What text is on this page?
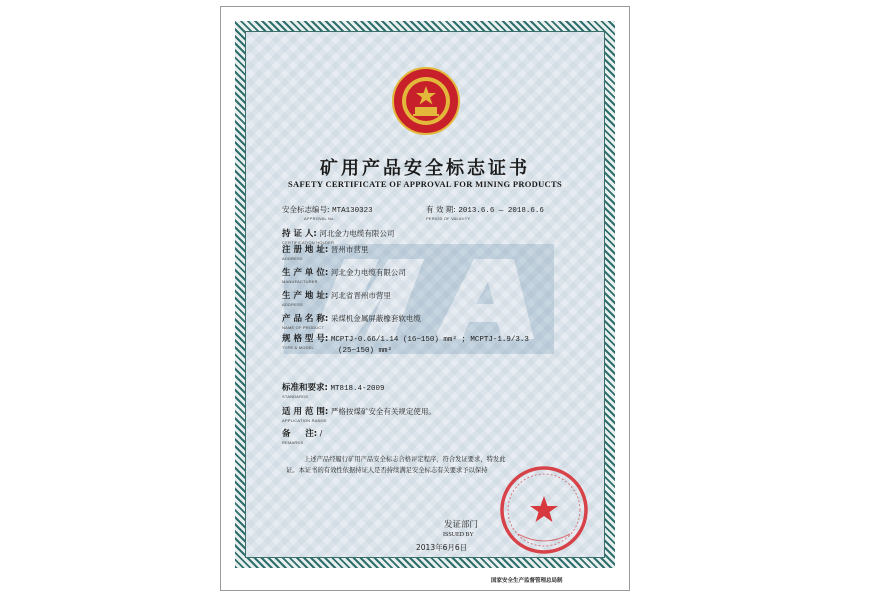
矿用产品安全标志证书
SAFETY CERTIFICATE OF APPROVAL FOR MINING PRODUCTS
安全标志编号: MTA130323
APPROVAL No.
有 效 期: 2013.6.6 — 2018.6.6
PERIOD OF VALIDITY
持 证 人: 河北金力电缆有限公司
CERTIFICATION HOLDER
注 册 地 址: 晋州市营里
ADDRESS
生 产 单 位: 河北金力电缆有限公司
MANUFACTURER
生 产 地 址: 河北省晋州市营里
ADDRESS
产 品 名 称: 采煤机金属屏蔽橡套软电缆
NAME OF PRODUCT
规 格 型 号: MCPTJ-0.66/1.14 (16~150) mm² ; MCPTJ-1.9/3.3
TYPE & MODEL	(25~150) mm²
标准和要求: MT818.4-2009
STANDARDS
适 用 范 围: 严格按煤矿安全有关规定使用。
APPLICATION RANGE
备     注: /
REMARKS
上述产品经履行矿用产品安全标志合格评定程序，符合发证要求，特发此
证。本证书的有效性依据持证人是否持续满足安全标志有关要求予以保持
发证部门
ISSUED BY
2013年6月6日
国家安全生产监督管理总局制
